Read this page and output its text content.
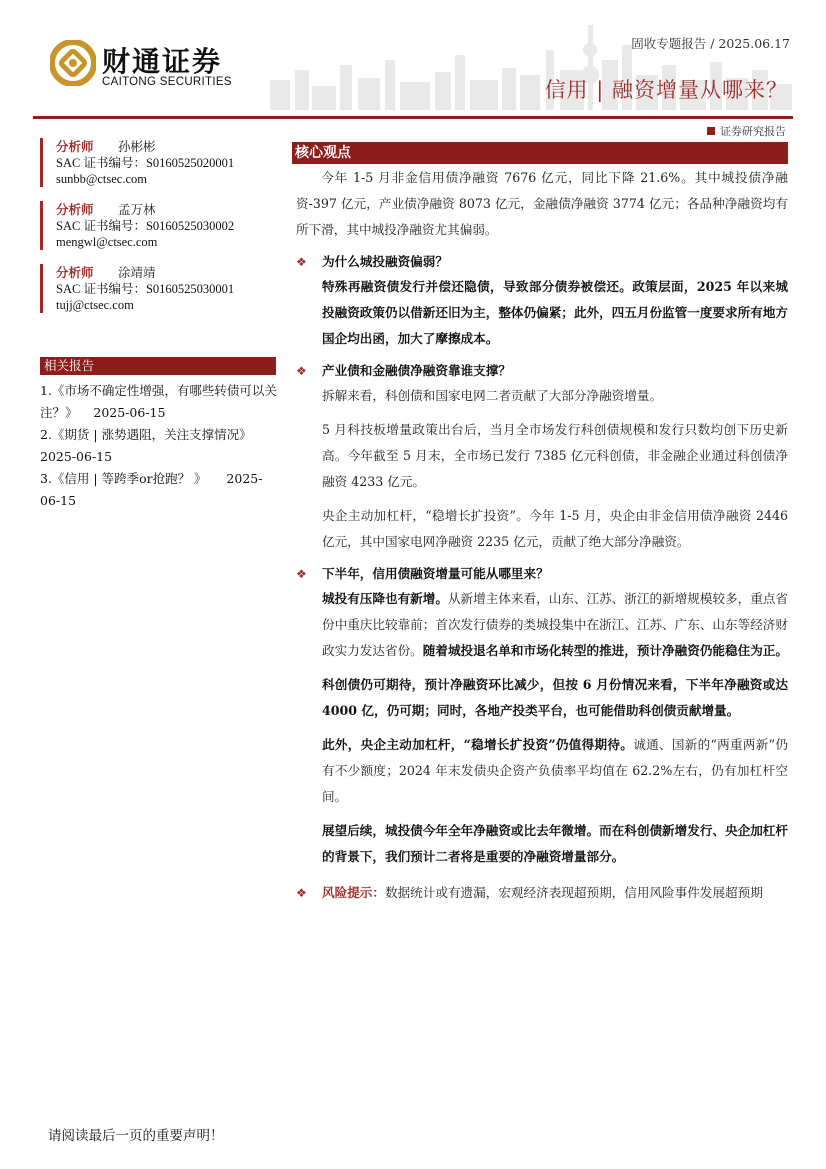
财通证券
CAITONG SECURITIES
固收专题报告 / 2025.06.17
信用 | 融资增量从哪来？
证券研究报告
分析师	孙彬彬
SAC 证书编号：S0160525020001
sunbb@ctsec.com
分析师	孟万林
SAC 证书编号：S0160525030002
mengwl@ctsec.com
分析师	涂靖靖
SAC 证书编号：S0160525030001
tujj@ctsec.com
相关报告
1.《市场不确定性增强，有哪些转债可以关注？》    2025-06-15
2.《期货 | 涨势遇阻，关注支撑情况》 2025-06-15
3.《信用 | 等跨季or抢跑？ 》     2025-06-15
核心观点

今年 1-5 月非金信用债净融资 7676 亿元，同比下降 21.6%。其中城投债净融资-397 亿元，产业债净融资 8073 亿元，金融债净融资 3774 亿元；各品种净融资均有所下滑，其中城投净融资尤其偏弱。

❖	为什么城投融资偏弱？

特殊再融资债发行并偿还隐债，导致部分债券被偿还。政策层面，2025 年以来城投融资政策仍以借新还旧为主，整体仍偏紧；此外，四五月份监管一度要求所有地方国企均出函，加大了摩擦成本。

❖	产业债和金融债净融资靠谁支撑？

拆解来看，科创债和国家电网二者贡献了大部分净融资增量。

5 月科技板增量政策出台后，当月全市场发行科创债规模和发行只数均创下历史新高。今年截至 5 月末，全市场已发行 7385 亿元科创债，非金融企业通过科创债净融资 4233 亿元。

央企主动加杠杆，“稳增长扩投资”。今年 1-5 月，央企由非金信用债净融资 2446 亿元，其中国家电网净融资 2235 亿元，贡献了绝大部分净融资。

❖	下半年，信用债融资增量可能从哪里来？

城投有压降也有新增。从新增主体来看，山东、江苏、浙江的新增规模较多，重点省份中重庆比较靠前；首次发行债券的类城投集中在浙江、江苏、广东、山东等经济财政实力发达省份。随着城投退名单和市场化转型的推进，预计净融资仍能稳住为正。

科创债仍可期待，预计净融资环比减少，但按 6 月份情况来看，下半年净融资或达 4000 亿，仍可期；同时，各地产投类平台，也可能借助科创债贡献增量。

此外，央企主动加杠杆，“稳增长扩投资”仍值得期待。诚通、国新的“两重两新”仍有不少额度；2024 年末发债央企资产负债率平均值在 62.2%左右，仍有加杠杆空间。

展望后续，城投债今年全年净融资或比去年微增。而在科创债新增发行、央企加杠杆的背景下，我们预计二者将是重要的净融资增量部分。

❖	风险提示：数据统计或有遗漏，宏观经济表现超预期，信用风险事件发展超预期

请阅读最后一页的重要声明！
